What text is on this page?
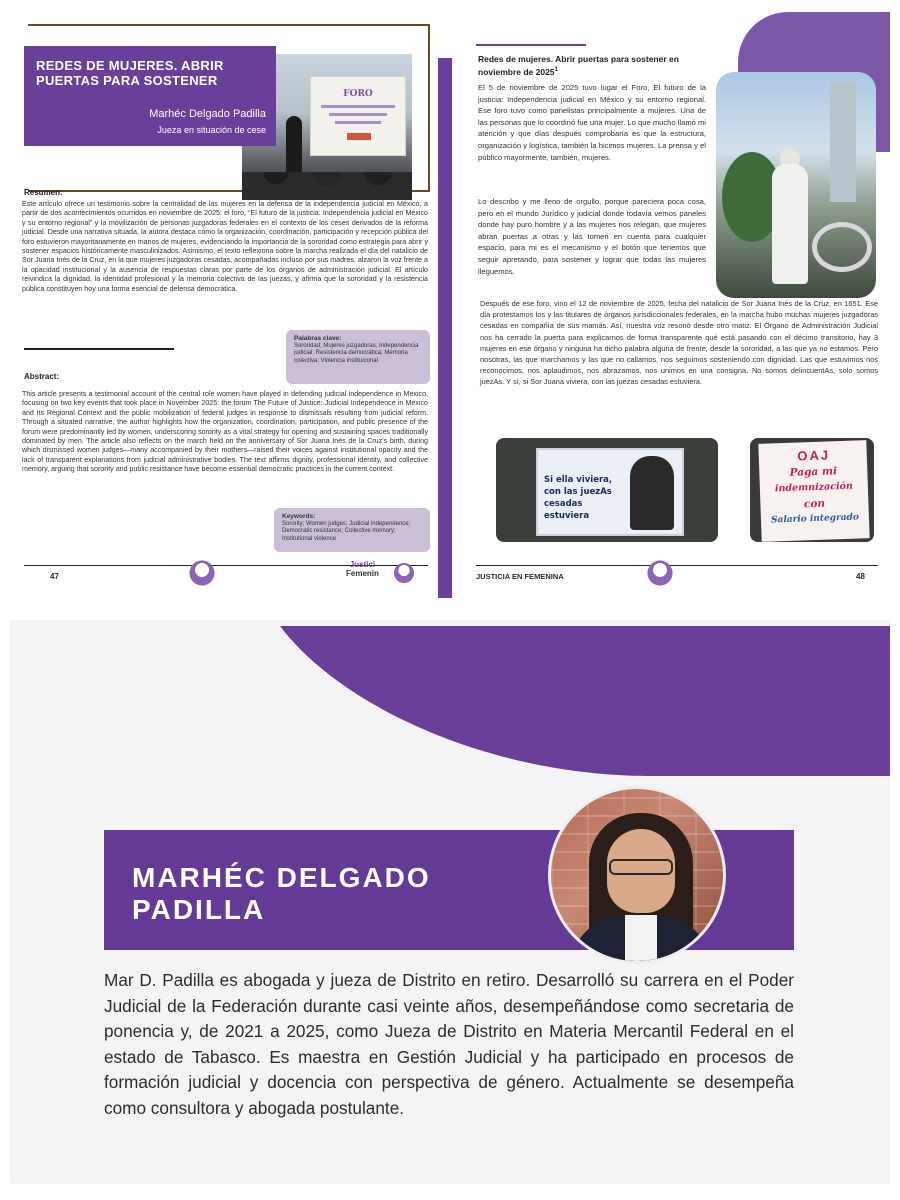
FORO
REDES DE MUJERES. ABRIR PUERTAS PARA SOSTENER
Marhéc Delgado Padilla
Jueza en situación de cese
Resumen:
Este artículo ofrece un testimonio sobre la centralidad de las mujeres en la defensa de la independencia judicial en México, a partir de dos acontecimientos ocurridos en noviembre de 2025: el foro, “El futuro de la justicia: Independencia judicial en México y su entorno regional” y la movilización de personas juzgadoras federales en el contexto de los ceses derivados de la reforma judicial. Desde una narrativa situada, la autora destaca cómo la organización, coordinación, participación y recepción pública del foro estuvieron mayoritariamente en manos de mujeres, evidenciando la importancia de la sororidad como estrategia para abrir y sostener espacios históricamente masculinizados. Asimismo, el texto reflexiona sobre la marcha realizada el día del natalicio de Sor Juana Inés de la Cruz, en la que mujeres juzgadoras cesadas, acompañadas incluso por sus madres, alzaron la voz frente a la opacidad institucional y la ausencia de respuestas claras por parte de los órganos de administración judicial. El artículo reivindica la dignidad, la identidad profesional y la memoria colectiva de las juezas, y afirma que la sororidad y la resistencia pública constituyen hoy una forma esencial de defensa democrática.
Palabras clave:
Sororidad; Mujeres juzgadoras; Independencia judicial; Resistencia democrática; Memoria colectiva; Violencia institucional
Abstract:
This article presents a testimonial account of the central role women have played in defending judicial independence in Mexico, focusing on two key events that took place in November 2025: the forum The Future of Justice: Judicial Independence in Mexico and Its Regional Context and the public mobilization of federal judges in response to dismissals resulting from judicial reform. Through a situated narrative, the author highlights how the organization, coordination, participation, and public presence of the forum were predominantly led by women, underscoring sorority as a vital strategy for opening and sustaining spaces traditionally dominated by men. The article also reflects on the march held on the anniversary of Sor Juana Inés de la Cruz’s birth, during which dismissed women judges—many accompanied by their mothers—raised their voices against institutional opacity and the lack of transparent explanations from judicial administrative bodies. The text affirms dignity, professional identity, and collective memory, arguing that sorority and public resistance have become essential democratic practices in the current context.
Keywords:
Sorority; Women judges; Judicial independence; Democratic resistance; Collective memory; Institutional violence
47
Justici
Femenin
Redes de mujeres. Abrir puertas para sostener en noviembre de 2025$^1$
El 5 de noviembre de 2025 tuvo lugar el Foro, El futuro de la justicia: Independencia judicial en México y su entorno regional. Ese foro tuvo como panelistas principalmente a mujeres. Una de las personas que lo coordinó fue una mujer. Lo que mucho llamó mi atención y que días después comprobaría es que la estructura, organización y logística, también la hicimos mujeres. La prensa y el público mayormente, también, mujeres.
Lo describo y me lleno de orgullo, porque pareciera poca cosa, pero en el mundo Jurídico y judicial donde todavía vemos paneles donde hay puro hombre y a las mujeres nos relegan, que mujeres abran puertas a otras y las tomen en cuenta para cualquier espacio, para mi es el mecanismo y el botón que tenemos que seguir apretando, para sostener y lograr que todas las mujeres lleguemos.
Después de ese foro, vino el 12 de noviembre de 2025, fecha del natalicio de Sor Juana Inés de la Cruz, en 1651. Ese día protestamos los y las titulares de órganos jurisdiccionales federales, en la marcha hubo muchas mujeres juzgadoras cesadas en compañía de sus mamás. Así, nuestra voz resonó desde otro matiz. El Órgano de Administración Judicial nos ha cerrado la puerta para explicarnos de forma transparente qué está pasando con el décimo transitorio, hay 3 mujeres en ese órgano y ninguna ha dicho palabra alguna de frente, desde la sororidad, a las que ya no estamos. Pero nosotras, las que marchamos y las que no callamos, nos seguimos sosteniendo con dignidad. Las que estuvimos nos reconocimos, nos aplaudimos, nos abrazamos, nos unimos en una consigna. No somos delincuentAs, solo somos juezAs. Y sí, si Sor Juana viviera, con las juezas cesadas estuviera.
Si ella viviera, con las juezAs cesadas estuviera
OAJ
Paga mi
indemnización
con
Salario integrado
JUSTICIA EN FEMENINA	48
MARHÉC DELGADO
PADILLA
Mar D. Padilla es abogada y jueza de Distrito en retiro. Desarrolló su carrera en el Poder Judicial de la Federación durante casi veinte años, desempeñándose como secretaria de ponencia y, de 2021 a 2025, como Jueza de Distrito en Materia Mercantil Federal en el estado de Tabasco. Es maestra en Gestión Judicial y ha participado en procesos de formación judicial y docencia con perspectiva de género. Actualmente se desempeña como consultora y abogada postulante.
